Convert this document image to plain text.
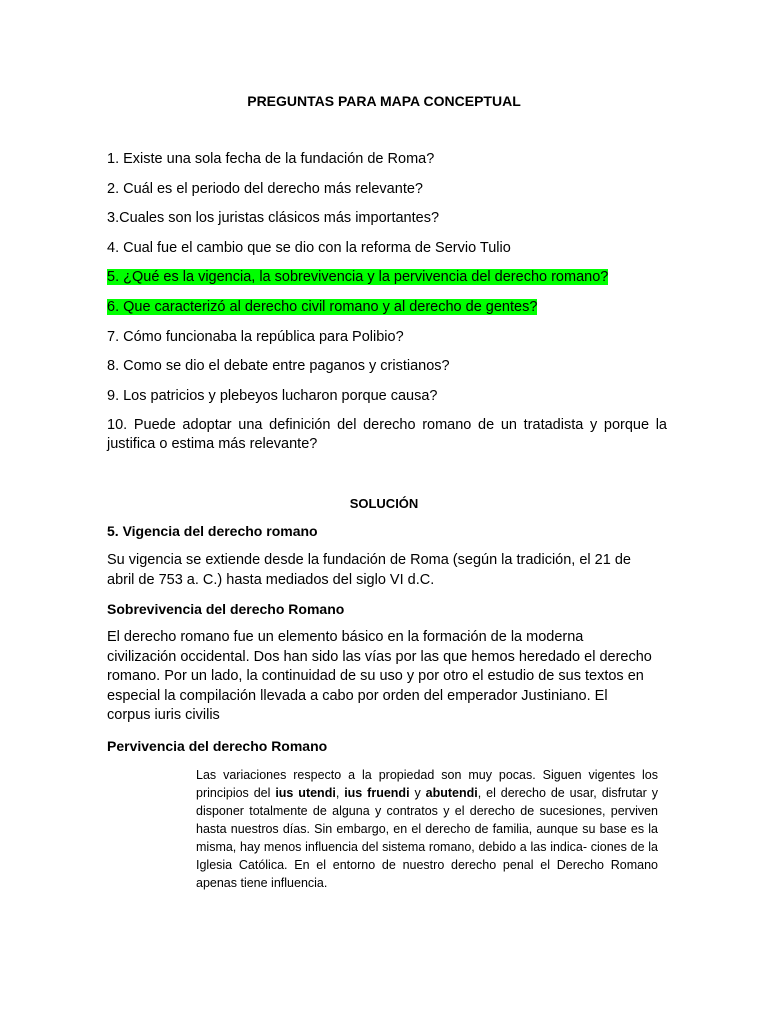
PREGUNTAS PARA MAPA CONCEPTUAL
1. Existe una sola fecha de la fundación de Roma?
2. Cuál es el periodo del derecho más relevante?
3.Cuales son los juristas clásicos más importantes?
4. Cual fue el cambio que se dio con la reforma de Servio Tulio
5. ¿Qué es la vigencia, la sobrevivencia y la pervivencia del derecho romano?
6. Que caracterizó al derecho civil romano y al derecho de gentes?
7. Cómo funcionaba la república para Polibio?
8. Como se dio el debate entre paganos y cristianos?
9. Los patricios y plebeyos lucharon porque causa?
10. Puede adoptar una definición del derecho romano de un tratadista y porque la justifica o estima más relevante?
SOLUCIÓN
5. Vigencia del derecho romano

Su vigencia se extiende desde la fundación de Roma (según la tradición, el 21 de abril de 753 a. C.) hasta mediados del siglo VI d.C.

Sobrevivencia del derecho Romano

El derecho romano fue un elemento básico en la formación de la moderna civilización occidental. Dos han sido las vías por las que hemos heredado el derecho romano. Por un lado, la continuidad de su uso y por otro el estudio de sus textos en especial la compilación llevada a cabo por orden del emperador Justiniano. El corpus iuris civilis

Pervivencia del derecho Romano

Las variaciones respecto a la propiedad son muy pocas. Siguen vigentes los principios del ius utendi, ius fruendi y abutendi, el derecho de usar, disfrutar y disponer totalmente de alguna y contratos y el derecho de sucesiones, perviven hasta nuestros días. Sin embargo, en el derecho de familia, aunque su base es la misma, hay menos influencia del sistema romano, debido a las indica- ciones de la Iglesia Católica. En el entorno de nuestro derecho penal el Derecho Romano apenas tiene influencia.
